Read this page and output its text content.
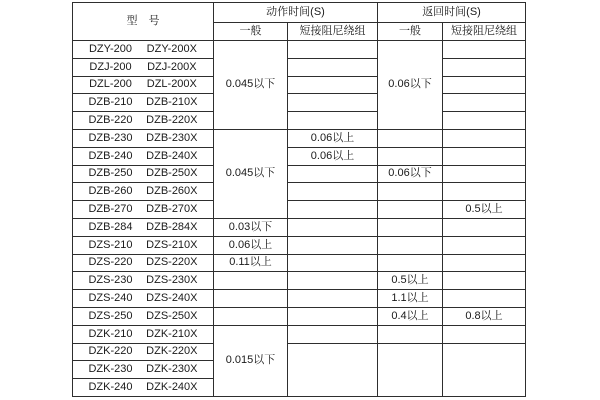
型　号	动作时间(S)		返回时间(S)	
	一般	短接阻尼绕组	一般	短接阻尼绕组
DZY-200 DZY-200X	0.045以下		0.06以下	
DZJ-200 DZJ-200X				
DZL-200 DZL-200X				
DZB-210 DZB-210X				
DZB-220 DZB-220X				
DZB-230 DZB-230X	0.045以下	0.06以上		
DZB-240 DZB-240X		0.06以上		
DZB-250 DZB-250X			0.06以下	
DZB-260 DZB-260X				
DZB-270 DZB-270X				0.5以上
DZB-284 DZB-284X	0.03以下			
DZS-210 DZS-210X	0.06以上			
DZS-220 DZS-220X	0.11以上			
DZS-230 DZS-230X			0.5以上	
DZS-240 DZS-240X			1.1以上	
DZS-250 DZS-250X			0.4以上	0.8以上
DZK-210 DZK-210X	0.015以下			
DZK-220 DZK-220X				
DZK-230 DZK-230X				
DZK-240 DZK-240X				
